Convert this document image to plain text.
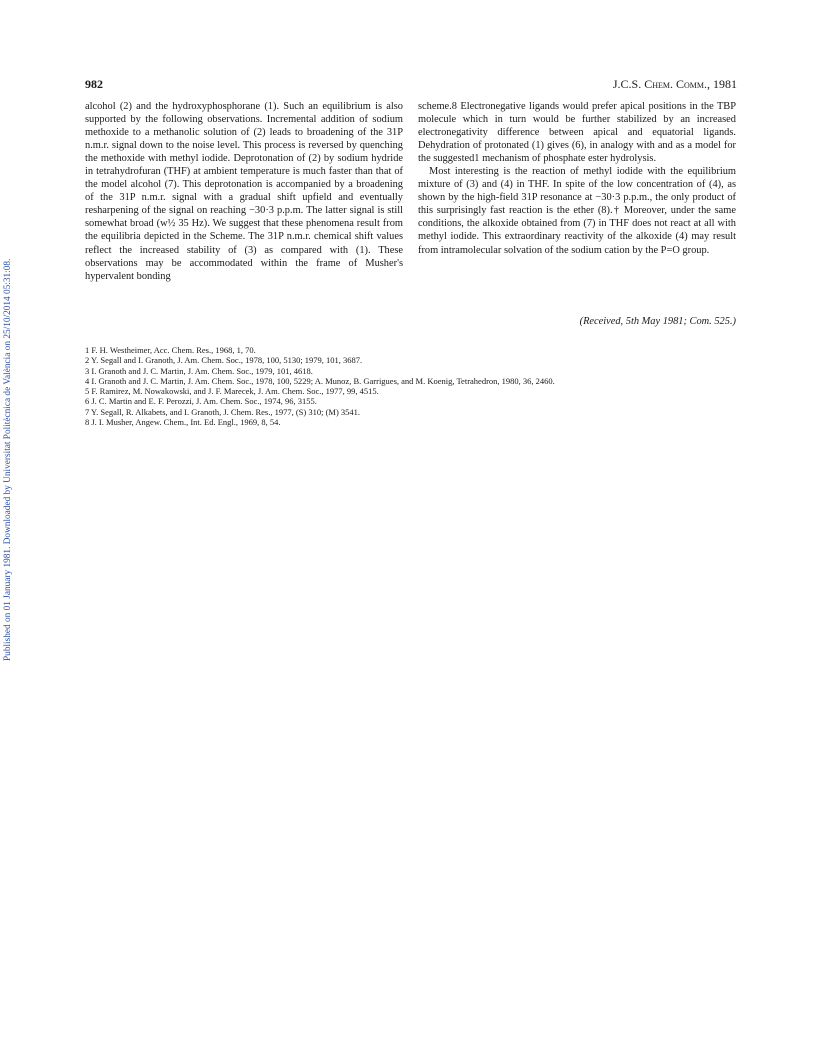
Published on 01 January 1981. Downloaded by Universitat Politècnica de València on 25/10/2014 05:31:08.
982	J.C.S. Chem. Comm., 1981

alcohol (2) and the hydroxyphosphorane (1). Such an equilibrium is also supported by the following observations. Incremental addition of sodium methoxide to a methanolic solution of (2) leads to broadening of the 31P n.m.r. signal down to the noise level. This process is reversed by quenching the methoxide with methyl iodide. Deprotonation of (2) by sodium hydride in tetrahydrofuran (THF) at ambient temperature is much faster than that of the model alcohol (7). This deprotonation is accompanied by a broadening of the 31P n.m.r. signal with a gradual shift upfield and eventually resharpening of the signal on reaching −30·3 p.p.m. The latter signal is still somewhat broad (w½ 35 Hz). We suggest that these phenomena result from the equilibria depicted in the Scheme. The 31P n.m.r. chemical shift values reflect the increased stability of (3) as compared with (1). These observations may be accommodated within the frame of Musher's hypervalent bonding

scheme.8 Electronegative ligands would prefer apical positions in the TBP molecule which in turn would be further stabilized by an increased electronegativity difference between apical and equatorial ligands. Dehydration of protonated (1) gives (6), in analogy with and as a model for the suggested1 mechanism of phosphate ester hydrolysis.

Most interesting is the reaction of methyl iodide with the equilibrium mixture of (3) and (4) in THF. In spite of the low concentration of (4), as shown by the high-field 31P resonance at −30·3 p.p.m., the only product of this surprisingly fast reaction is the ether (8).† Moreover, under the same conditions, the alkoxide obtained from (7) in THF does not react at all with methyl iodide. This extraordinary reactivity of the alkoxide (4) may result from intramolecular solvation of the sodium cation by the P=O group.

(Received, 5th May 1981; Com. 525.)

1 F. H. Westheimer, Acc. Chem. Res., 1968, 1, 70.

2 Y. Segall and I. Granoth, J. Am. Chem. Soc., 1978, 100, 5130; 1979, 101, 3687.

3 I. Granoth and J. C. Martin, J. Am. Chem. Soc., 1979, 101, 4618.

4 I. Granoth and J. C. Martin, J. Am. Chem. Soc., 1978, 100, 5229; A. Munoz, B. Garrigues, and M. Koenig, Tetrahedron, 1980, 36, 2460.

5 F. Ramirez, M. Nowakowski, and J. F. Marecek, J. Am. Chem. Soc., 1977, 99, 4515.

6 J. C. Martin and E. F. Perozzi, J. Am. Chem. Soc., 1974, 96, 3155.

7 Y. Segall, R. Alkabets, and I. Granoth, J. Chem. Res., 1977, (S) 310; (M) 3541.

8 J. I. Musher, Angew. Chem., Int. Ed. Engl., 1969, 8, 54.
